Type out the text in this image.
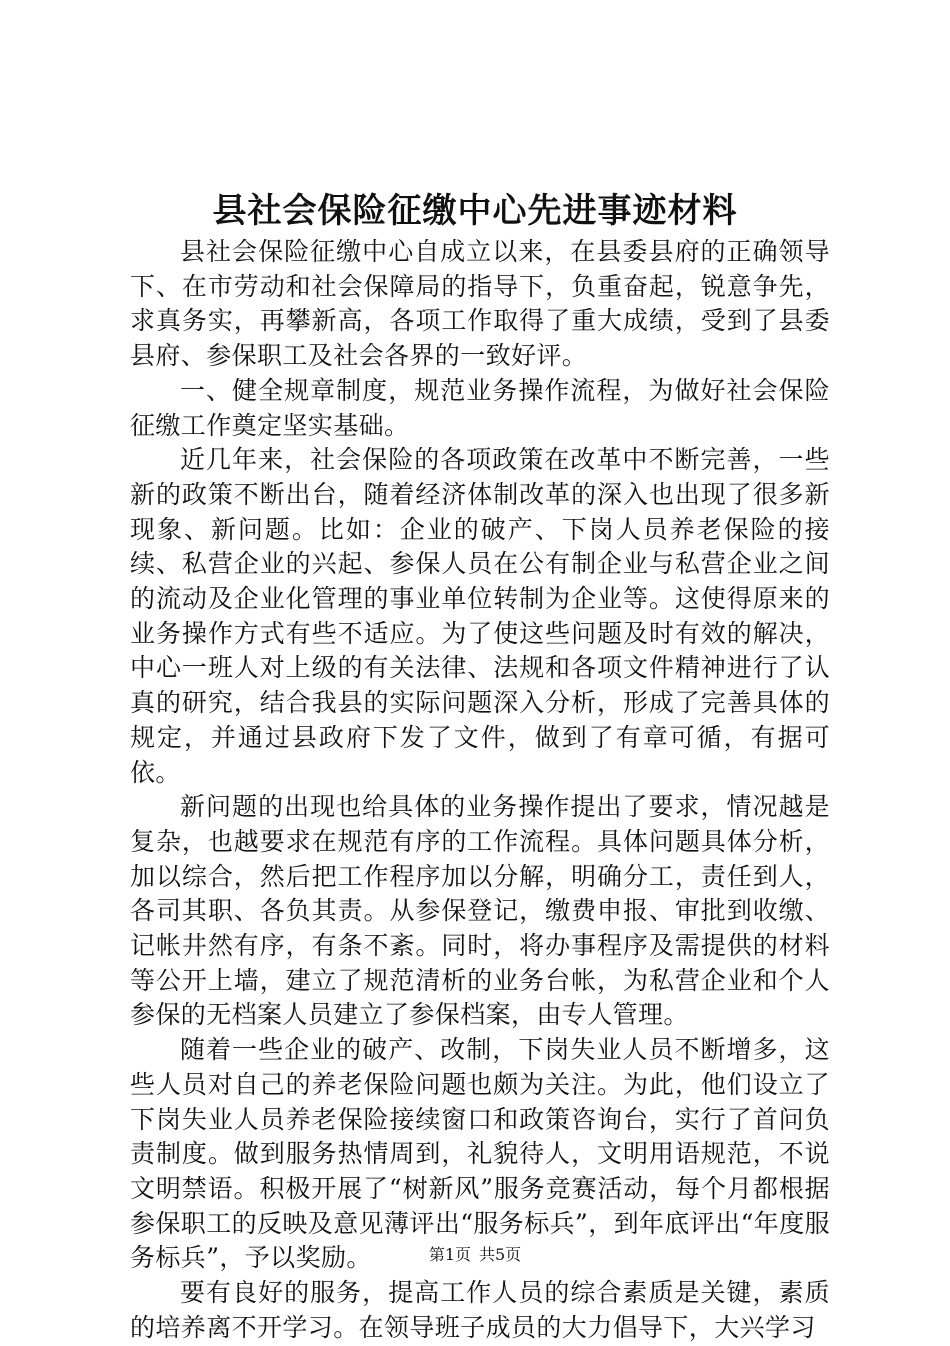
县社会保险征缴中心先进事迹材料

县社会保险征缴中心自成立以来，在县委县府的正确领导下、在市劳动和社会保障局的指导下，负重奋起，锐意争先，求真务实，再攀新高，各项工作取得了重大成绩，受到了县委县府、参保职工及社会各界的一致好评。

一、健全规章制度，规范业务操作流程，为做好社会保险征缴工作奠定坚实基础。

近几年来，社会保险的各项政策在改革中不断完善，一些新的政策不断出台，随着经济体制改革的深入也出现了很多新现象、新问题。比如：企业的破产、下岗人员养老保险的接续、私营企业的兴起、参保人员在公有制企业与私营企业之间的流动及企业化管理的事业单位转制为企业等。这使得原来的业务操作方式有些不适应。为了使这些问题及时有效的解决，中心一班人对上级的有关法律、法规和各项文件精神进行了认真的研究，结合我县的实际问题深入分析，形成了完善具体的规定，并通过县政府下发了文件，做到了有章可循，有据可依。

新问题的出现也给具体的业务操作提出了要求，情况越是复杂，也越要求在规范有序的工作流程。具体问题具体分析，加以综合，然后把工作程序加以分解，明确分工，责任到人，各司其职、各负其责。从参保登记，缴费申报、审批到收缴、记帐井然有序，有条不紊。同时，将办事程序及需提供的材料等公开上墙，建立了规范清析的业务台帐，为私营企业和个人参保的无档案人员建立了参保档案，由专人管理。

随着一些企业的破产、改制，下岗失业人员不断增多，这些人员对自己的养老保险问题也颇为关注。为此，他们设立了下岗失业人员养老保险接续窗口和政策咨询台，实行了首问负责制度。做到服务热情周到，礼貌待人，文明用语规范，不说文明禁语。积极开展了“树新风”服务竞赛活动，每个月都根据参保职工的反映及意见薄评出“服务标兵”，到年底评出“年度服务标兵”，予以奖励。

要有良好的服务，提高工作人员的综合素质是关键，素质的培养离不开学习。在领导班子成员的大力倡导下，大兴学习

第1页 共5页
